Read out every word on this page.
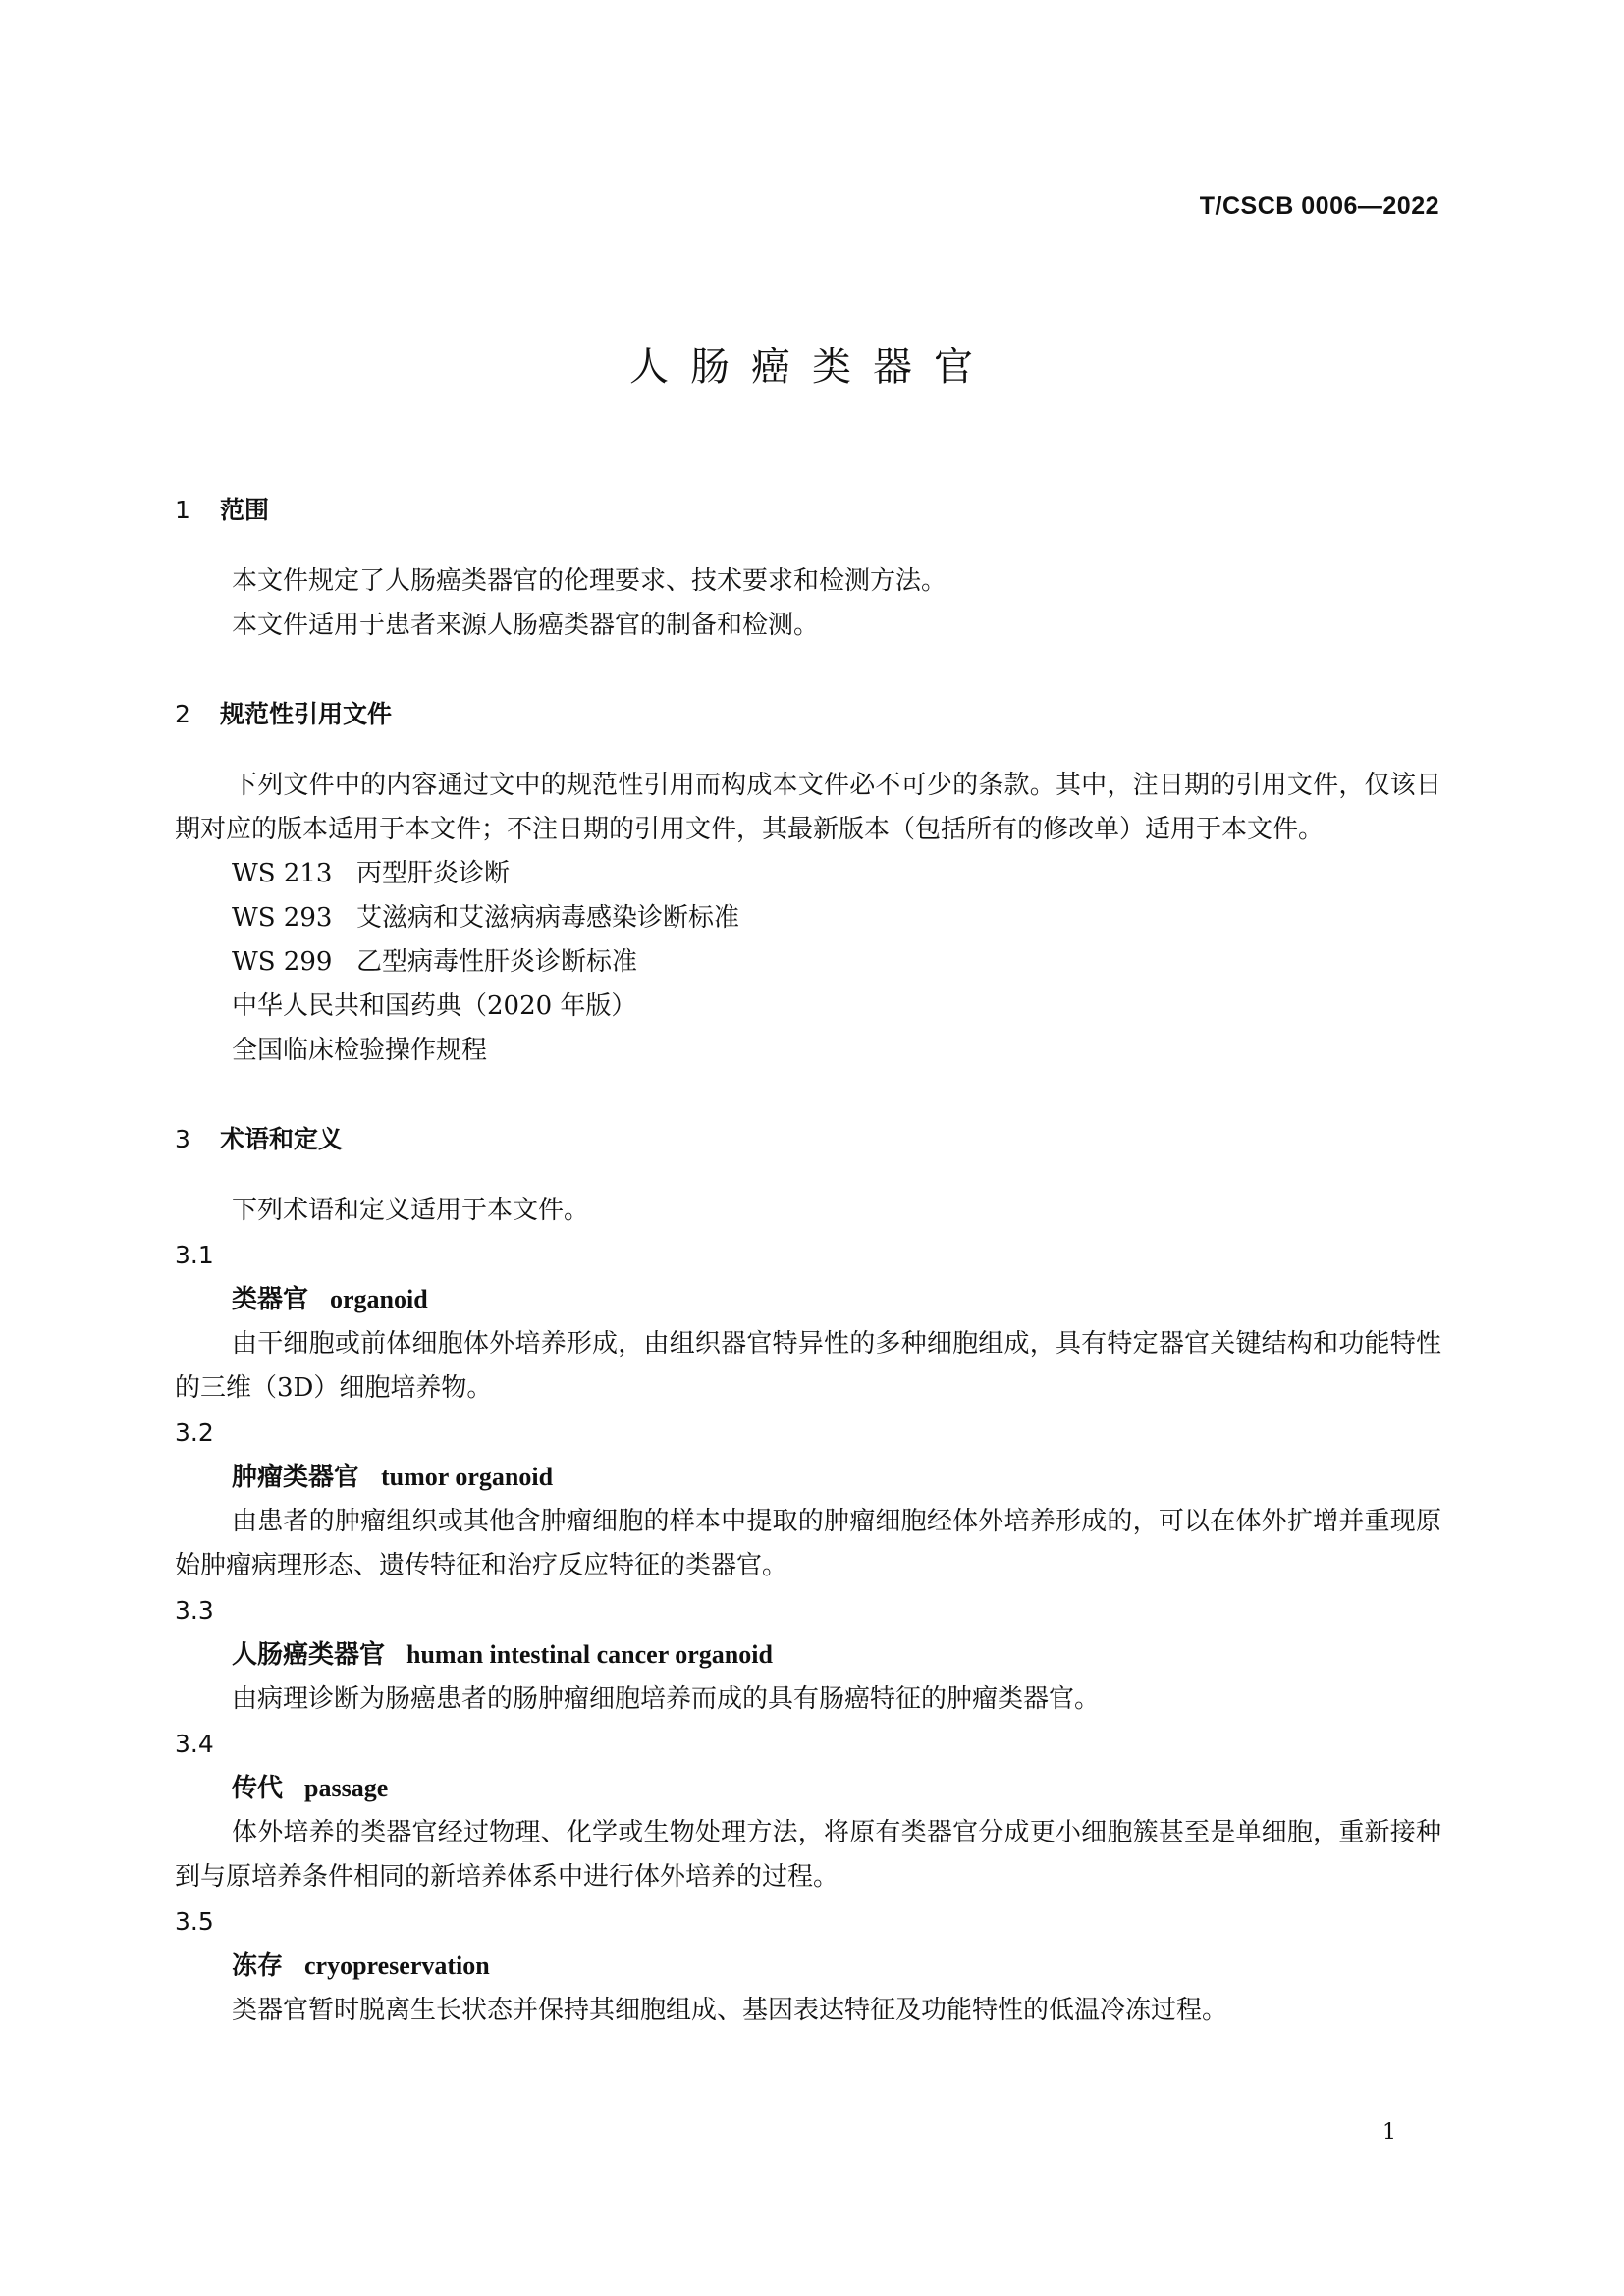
T/CSCB 0006—2022
人肠癌类器官
1 范围

本文件规定了人肠癌类器官的伦理要求、技术要求和检测方法。

本文件适用于患者来源人肠癌类器官的制备和检测。

2 规范性引用文件

下列文件中的内容通过文中的规范性引用而构成本文件必不可少的条款。其中，注日期的引用文件，仅该日期对应的版本适用于本文件；不注日期的引用文件，其最新版本（包括所有的修改单）适用于本文件。

WS 213 丙型肝炎诊断

WS 293 艾滋病和艾滋病病毒感染诊断标准

WS 299 乙型病毒性肝炎诊断标准

中华人民共和国药典（2020 年版）

全国临床检验操作规程

3 术语和定义

下列术语和定义适用于本文件。

3.1

类器官 organoid

由干细胞或前体细胞体外培养形成，由组织器官特异性的多种细胞组成，具有特定器官关键结构和功能特性的三维（3D）细胞培养物。

3.2

肿瘤类器官 tumor organoid

由患者的肿瘤组织或其他含肿瘤细胞的样本中提取的肿瘤细胞经体外培养形成的，可以在体外扩增并重现原始肿瘤病理形态、遗传特征和治疗反应特征的类器官。

3.3

人肠癌类器官 human intestinal cancer organoid

由病理诊断为肠癌患者的肠肿瘤细胞培养而成的具有肠癌特征的肿瘤类器官。

3.4

传代 passage

体外培养的类器官经过物理、化学或生物处理方法，将原有类器官分成更小细胞簇甚至是单细胞，重新接种到与原培养条件相同的新培养体系中进行体外培养的过程。

3.5

冻存 cryopreservation

类器官暂时脱离生长状态并保持其细胞组成、基因表达特征及功能特性的低温冷冻过程。

1
